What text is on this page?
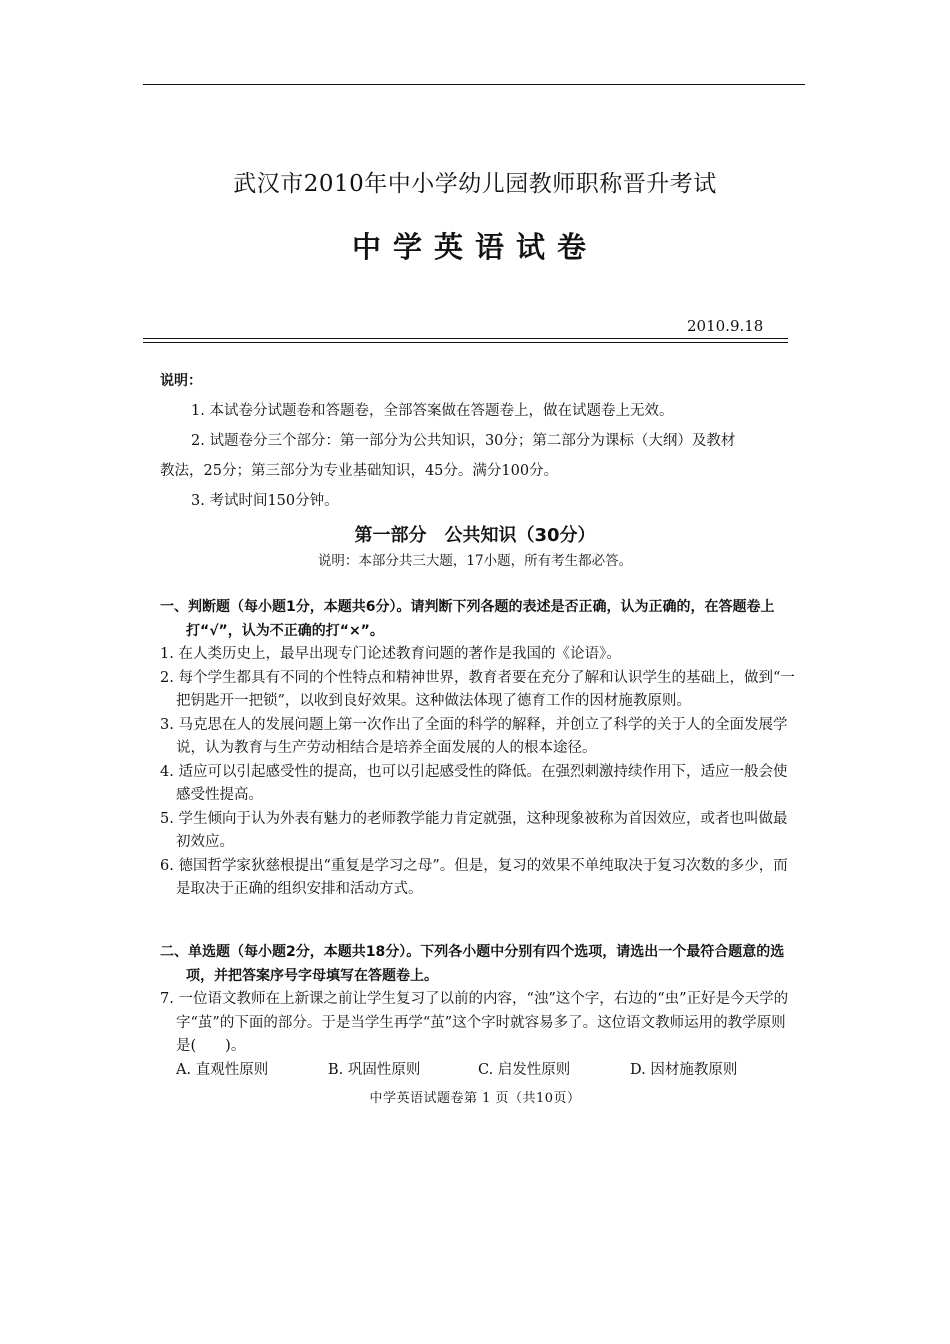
武汉市2010年中小学幼儿园教师职称晋升考试
中学英语试卷
2010.9.18

说明：

1. 本试卷分试题卷和答题卷，全部答案做在答题卷上，做在试题卷上无效。

2. 试题卷分三个部分：第一部分为公共知识，30分；第二部分为课标（大纲）及教材

教法，25分；第三部分为专业基础知识，45分。满分100分。

3. 考试时间150分钟。

第一部分　公共知识（30分）
说明：本部分共三大题，17小题，所有考生都必答。
一、判断题（每小题1分，本题共6分）。请判断下列各题的表述是否正确，认为正确的，在答题卷上打“√”，认为不正确的打“×”。
1. 在人类历史上，最早出现专门论述教育问题的著作是我国的《论语》。
2. 每个学生都具有不同的个性特点和精神世界，教育者要在充分了解和认识学生的基础上，做到“一把钥匙开一把锁”，以收到良好效果。这种做法体现了德育工作的因材施教原则。
3. 马克思在人的发展问题上第一次作出了全面的科学的解释，并创立了科学的关于人的全面发展学说，认为教育与生产劳动相结合是培养全面发展的人的根本途径。
4. 适应可以引起感受性的提高，也可以引起感受性的降低。在强烈刺激持续作用下，适应一般会使感受性提高。
5. 学生倾向于认为外表有魅力的老师教学能力肯定就强，这种现象被称为首因效应，或者也叫做最初效应。
6. 德国哲学家狄慈根提出“重复是学习之母”。但是，复习的效果不单纯取决于复习次数的多少，而是取决于正确的组织安排和活动方式。
二、单选题（每小题2分，本题共18分）。下列各小题中分别有四个选项，请选出一个最符合题意的选项，并把答案序号字母填写在答题卷上。
7. 一位语文教师在上新课之前让学生复习了以前的内容，“浊”这个字，右边的“虫”正好是今天学的字“茧”的下面的部分。于是当学生再学“茧”这个字时就容易多了。这位语文教师运用的教学原则是(　　)。
A. 直观性原则	B. 巩固性原则	C. 启发性原则	D. 因材施教原则
中学英语试题卷第 1 页（共10页）
